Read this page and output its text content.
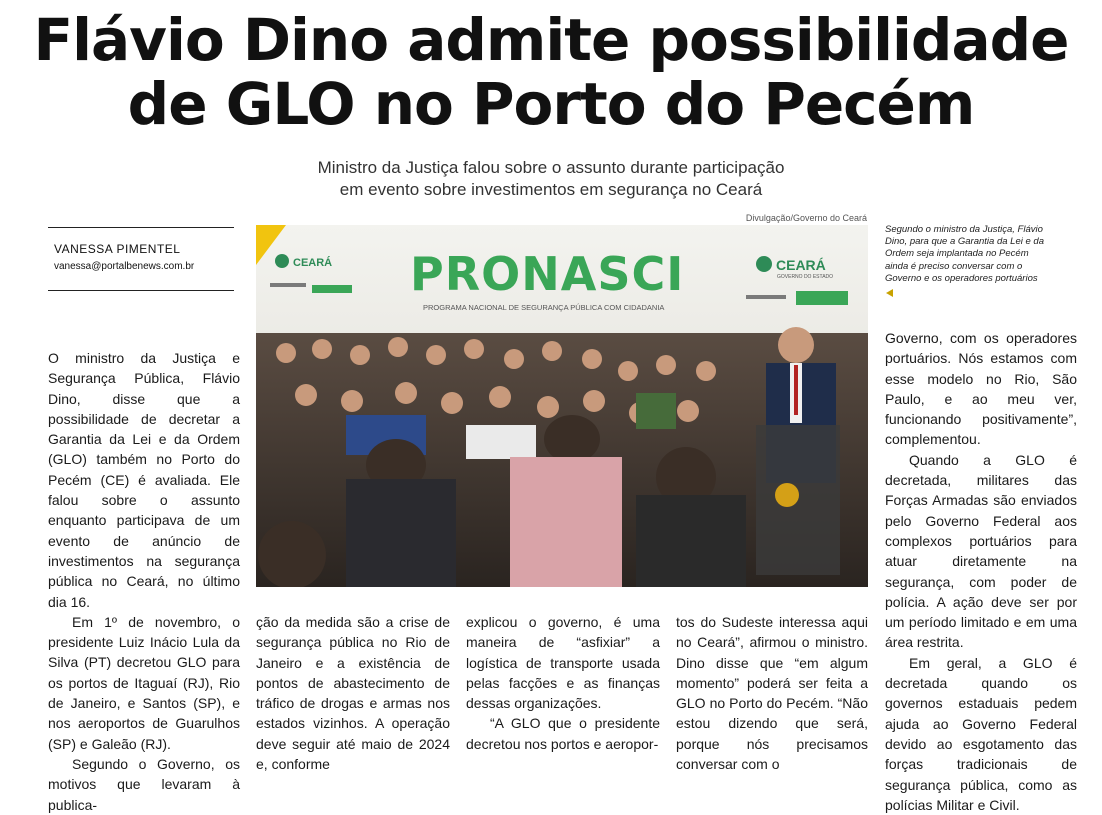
Flávio Dino admite possibilidade
de GLO no Porto do Pecém
Ministro da Justiça falou sobre o assunto durante participação
em evento sobre investimentos em segurança no Ceará
VANESSA PIMENTEL
vanessa@portalbenews.com.br
Divulgação/Governo do Ceará
CEARÁ PRONASCI
PROGRAMA NACIONAL DE SEGURANÇA PÚBLICA COM CIDADANIA
CEARÁ
GOVERNO DO ESTADO
Segundo o ministro da Justiça, Flávio Dino, para que a Garantia da Lei e da Ordem seja implantada no Pecém ainda é preciso conversar com o Governo e os operadores portuários

O ministro da Justiça e Segurança Pública, Flávio Dino, disse que a possibilidade de decretar a Garantia da Lei e da Ordem (GLO) também no Porto do Pecém (CE) é avaliada. Ele falou sobre o assunto enquanto participava de um evento de anúncio de investimentos na segurança pública no Ceará, no último dia 16.

Em 1º de novembro, o presidente Luiz Inácio Lula da Silva (PT) decretou GLO para os portos de Itaguaí (RJ), Rio de Janeiro, e Santos (SP), e nos aeroportos de Guarulhos (SP) e Galeão (RJ).

Segundo o Governo, os motivos que levaram à publica-

ção da medida são a crise de segurança pública no Rio de Janeiro e a existência de pontos de abastecimento de tráfico de drogas e armas nos estados vizinhos. A operação deve seguir até maio de 2024 e, conforme

explicou o governo, é uma maneira de “asfixiar” a logística de transporte usada pelas facções e as finanças dessas organizações.

“A GLO que o presidente decretou nos portos e aeropor-

tos do Sudeste interessa aqui no Ceará”, afirmou o ministro. Dino disse que “em algum momento” poderá ser feita a GLO no Porto do Pecém. “Não estou dizendo que será, porque nós precisamos conversar com o

Governo, com os operadores portuários. Nós estamos com esse modelo no Rio, São Paulo, e ao meu ver, funcionando positivamente”, complementou.

Quando a GLO é decretada, militares das Forças Armadas são enviados pelo Governo Federal aos complexos portuários para atuar diretamente na segurança, com poder de polícia. A ação deve ser por um período limitado e em uma área restrita.

Em geral, a GLO é decretada quando os governos estaduais pedem ajuda ao Governo Federal devido ao esgotamento das forças tradicionais de segurança pública, como as polícias Militar e Civil.
